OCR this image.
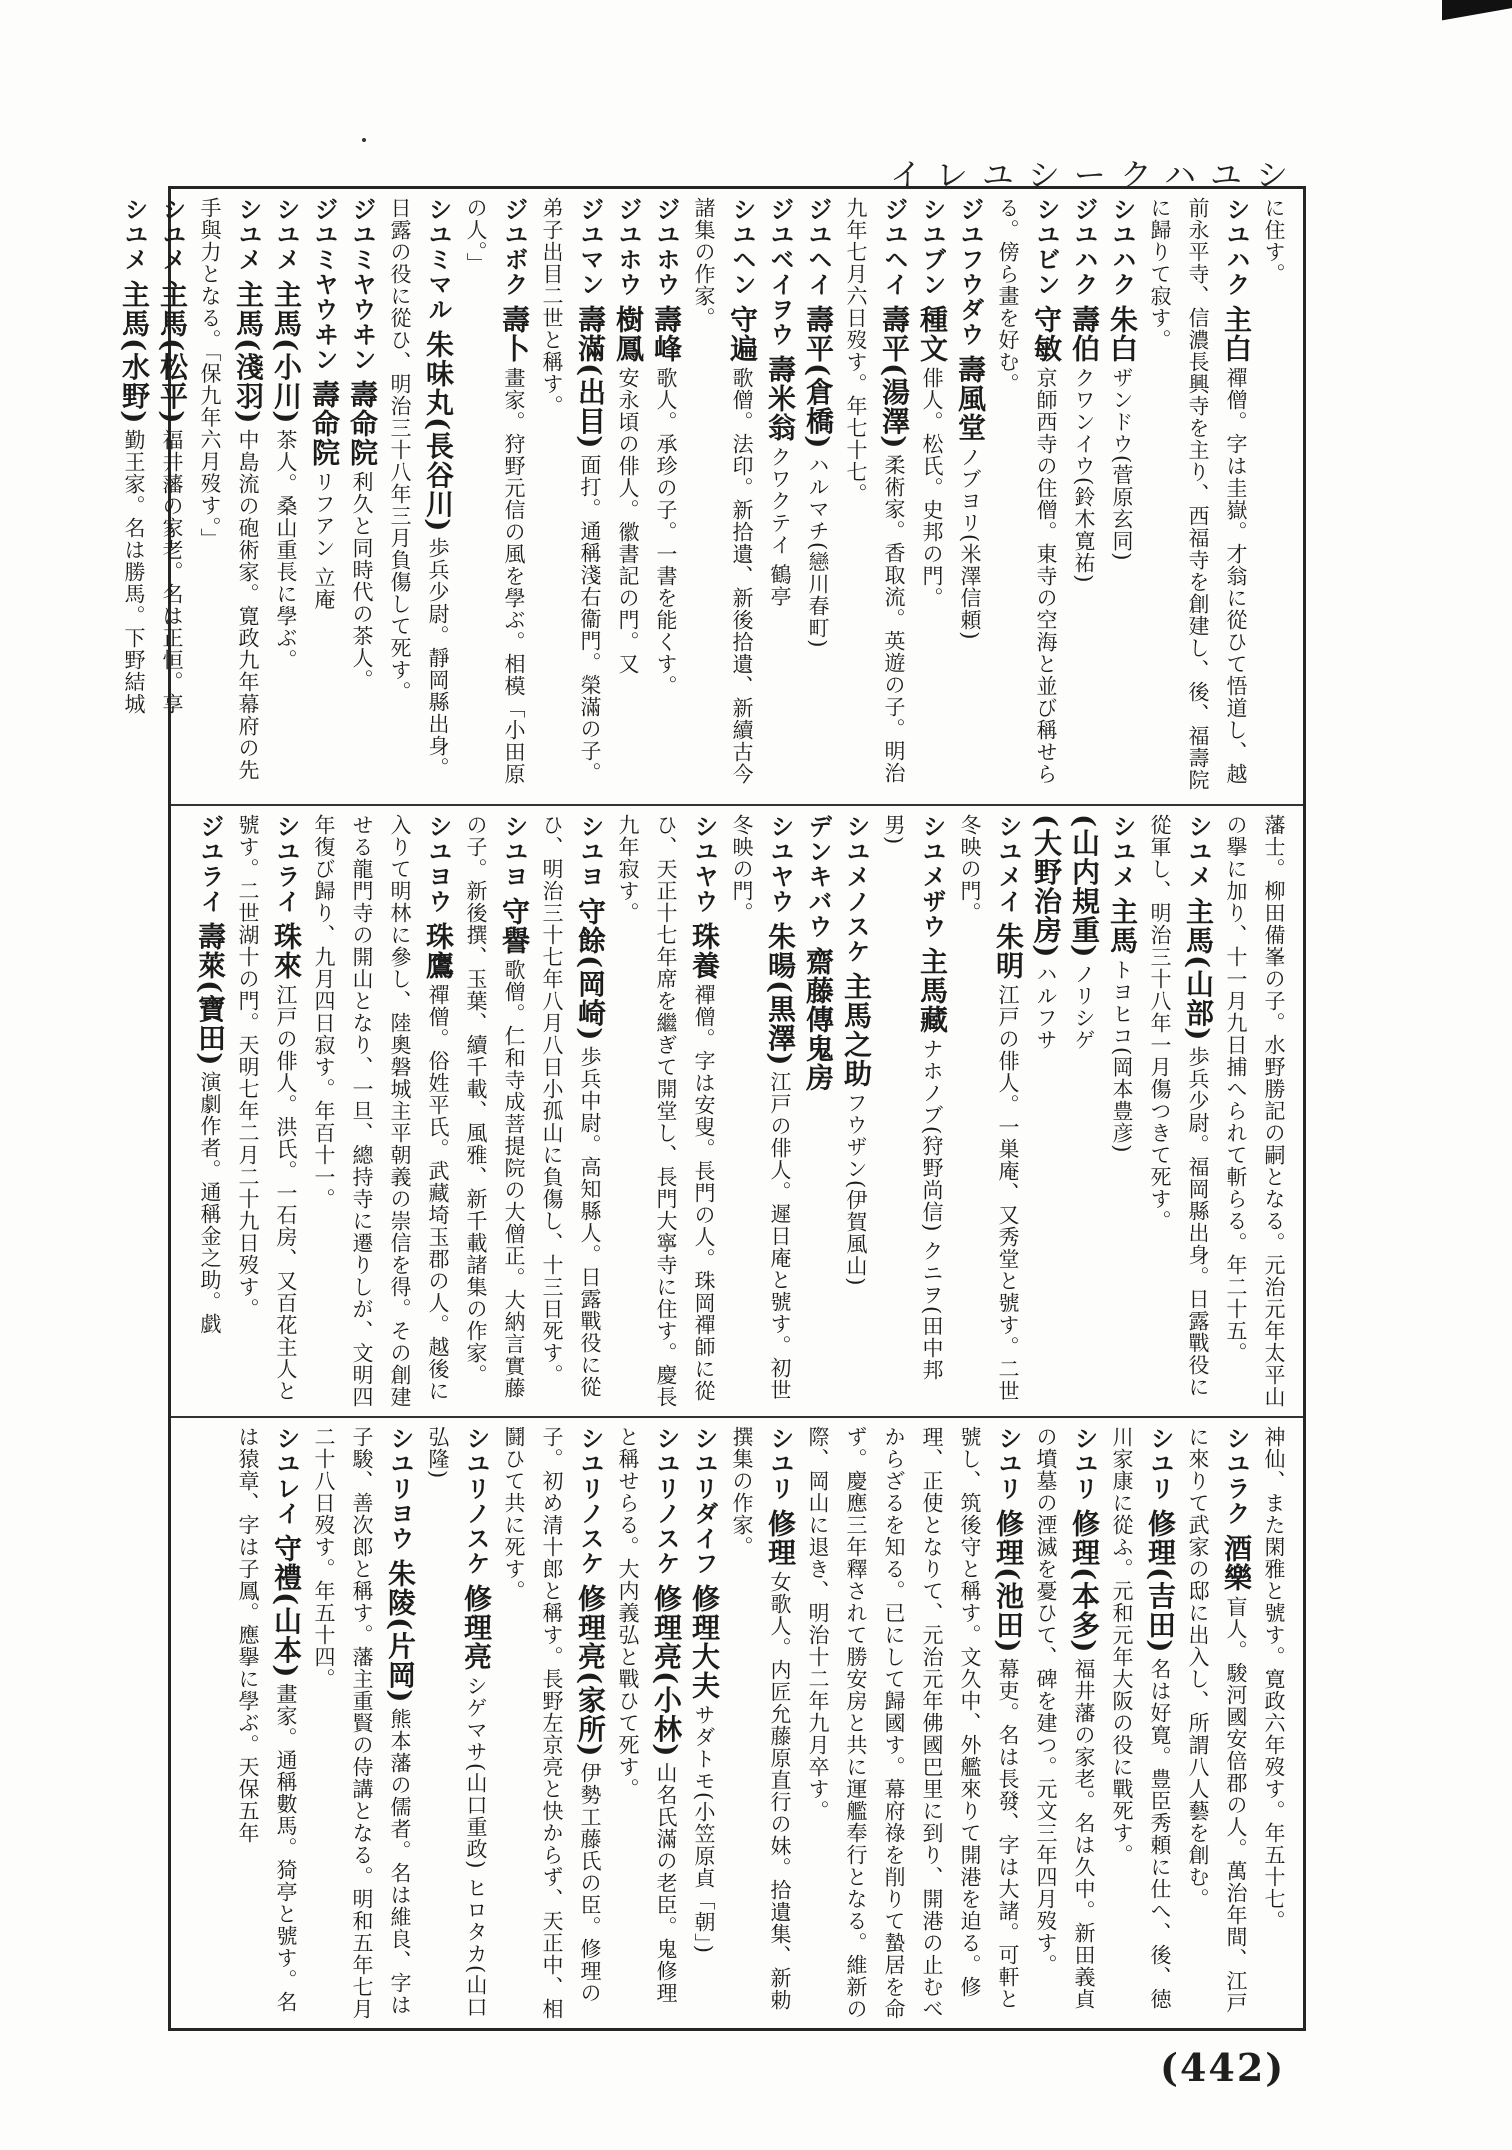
イレユシークハユシ

に住す。

シユハク主白禪僧。字は圭嶽。才翁に從ひて悟道し、越前永平寺、信濃長興寺を主り、西福寺を創建し、後、福壽院に歸りて寂す。

シユハク朱白ザンドウ(菅原玄同)

ジユハク壽伯クワンイウ(鈴木寛祐)

シユビン守敏京師西寺の住僧。東寺の空海と並び稱せらる。傍ら畫を好む。

ジユフウダウ壽風堂ノブヨリ(米澤信頼)

シユブン種文俳人。松氏。史邦の門。

ジユヘイ壽平(湯澤)柔術家。香取流。英遊の子。明治九年七月六日歿す。年七十七。

ジユヘイ壽平(倉橋)ハルマチ(戀川春町)

ジユベイヲウ壽米翁クワクテイ 鶴亭

シユヘン守遍歌僧。法印。新拾遺、新後拾遺、新續古今諸集の作家。

ジユホウ壽峰歌人。承珍の子。一書を能くす。

ジユホウ樹鳳安永頃の俳人。徽書記の門。又

ジユマン壽滿(出目)面打。通稱淺右衞門。榮滿の子。弟子出目二世と稱す。

ジユボク壽卜畫家。狩野元信の風を學ぶ。相模「小田原の人。」

シユミマル朱味丸(長谷川)歩兵少尉。靜岡縣出身。日露の役に從ひ、明治三十八年三月負傷して死す。

ジユミヤウヰン壽命院利久と同時代の茶人。

ジユミヤウヰン壽命院リフアン 立庵

シユメ主馬(小川)茶人。桑山重長に學ぶ。

シユメ主馬(淺羽)中島流の砲術家。寛政九年幕府の先手與力となる。「保九年六月歿す。」

シユメ主馬(松平)福井藩の家老。名は正恒。享

シユメ主馬(水野)勤王家。名は勝馬。下野結城

藩士。柳田備峯の子。水野勝記の嗣となる。元治元年太平山の擧に加り、十一月九日捕へられて斬らる。年二十五。

シユメ主馬(山部)歩兵少尉。福岡縣出身。日露戰役に從軍し、明治三十八年一月傷つきて死す。

シユメ主馬トヨヒコ(岡本豊彦)

(山内規重)ノリシゲ

(大野治房)ハルフサ

シユメイ朱明江戸の俳人。一巣庵、又秀堂と號す。二世冬映の門。

シユメザウ主馬藏ナホノブ(狩野尚信) クニヲ(田中邦男)

シユメノスケ主馬之助フウザン(伊賀風山)

デンキバウ齋藤傳鬼房

シユヤウ朱暘(黒澤)江戸の俳人。遲日庵と號す。初世冬映の門。

シユヤウ珠養禪僧。字は安叟。長門の人。珠岡禪師に從ひ、天正十七年席を繼ぎて開堂し、長門大寧寺に住す。慶長九年寂す。

シユヨ守餘(岡崎)歩兵中尉。高知縣人。日露戰役に從ひ、明治三十七年八月八日小孤山に負傷し、十三日死す。

シユヨ守譽歌僧。仁和寺成菩提院の大僧正。大納言實藤の子。新後撰、玉葉、續千載、風雅、新千載諸集の作家。

シユヨウ珠鷹禪僧。俗姓平氏。武藏埼玉郡の人。越後に入りて明林に參し、陸奧磐城主平朝義の崇信を得。その創建せる龍門寺の開山となり、一旦、總持寺に遷りしが、文明四年復び歸り、九月四日寂す。年百十一。

シユライ珠來江戸の俳人。洪氏。一石房、又百花主人と號す。二世湖十の門。天明七年二月二十九日歿す。

ジユライ壽萊(寶田)演劇作者。通稱金之助。戯

神仙、また閑雅と號す。寛政六年歿す。年五十七。

シユラク酒樂盲人。駿河國安倍郡の人。萬治年間、江戸に來りて武家の邸に出入し、所謂八人藝を創む。

シユリ修理(吉田)名は好寛。豊臣秀頼に仕へ、後、徳川家康に從ふ。元和元年大阪の役に戰死す。

シユリ修理(本多)福井藩の家老。名は久中。新田義貞の墳墓の湮滅を憂ひて、碑を建つ。元文三年四月歿す。

シユリ修理(池田)幕吏。名は長發、字は大諸。可軒と號し、筑後守と稱す。文久中、外艦來りて開港を迫る。修理、正使となりて、元治元年佛國巴里に到り、開港の止むべからざるを知る。已にして歸國す。幕府祿を削りて蟄居を命ず。慶應三年釋されて勝安房と共に運艦奉行となる。維新の際、岡山に退き、明治十二年九月卒す。

シユリ修理女歌人。内匠允藤原直行の妹。拾遺集、新勅撰集の作家。

シユリダイフ修理大夫サダトモ(小笠原貞「朝」)

シユリノスケ修理亮(小林)山名氏滿の老臣。鬼修理と稱せらる。大内義弘と戰ひて死す。

シユリノスケ修理亮(家所)伊勢工藤氏の臣。修理の子。初め清十郎と稱す。長野左京亮と快からず、天正中、相鬪ひて共に死す。

シユリノスケ修理亮シゲマサ(山口重政) ヒロタカ(山口弘隆)

シユリヨウ朱陵(片岡)熊本藩の儒者。名は維良、字は子駿、善次郎と稱す。藩主重賢の侍講となる。明和五年七月二十八日歿す。年五十四。

シユレイ守禮(山本)畫家。通稱數馬。猗亭と號す。名は猿章、字は子鳳。應擧に學ぶ。天保五年

(442)
